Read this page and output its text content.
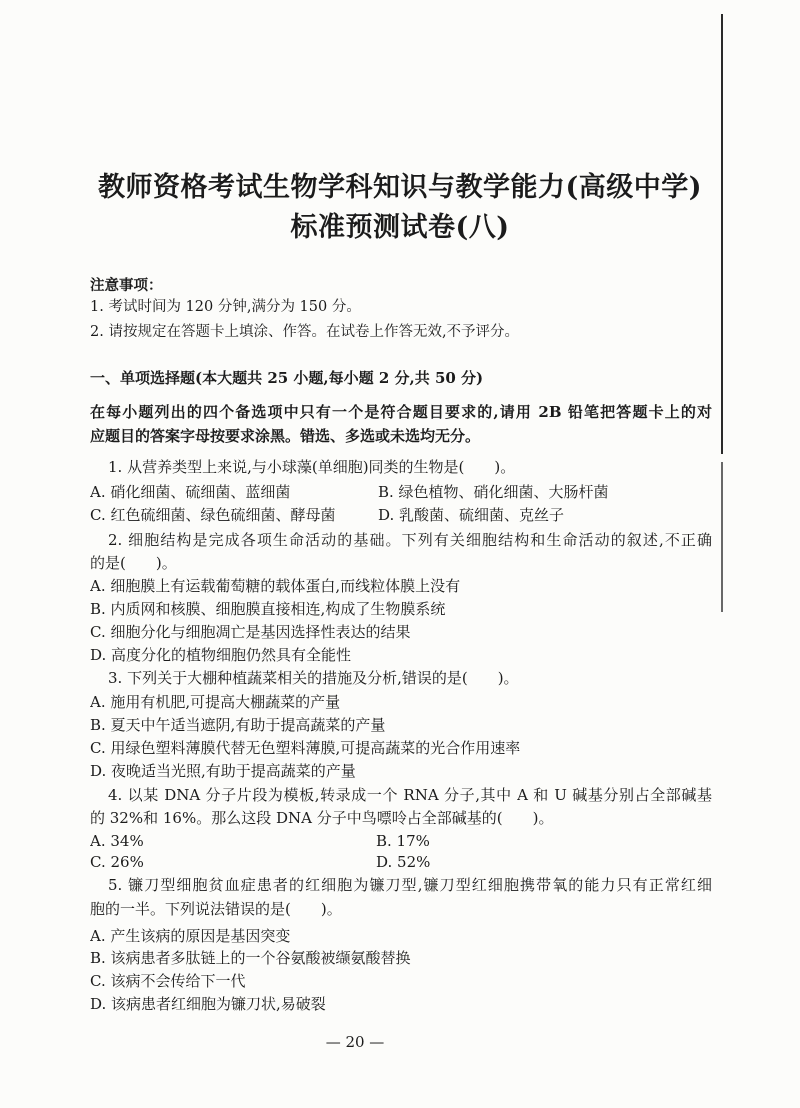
教师资格考试生物学科知识与教学能力(高级中学)
标准预测试卷(八)
注意事项：
1. 考试时间为 120 分钟,满分为 150 分。
2. 请按规定在答题卡上填涂、作答。在试卷上作答无效,不予评分。
一、单项选择题(本大题共 25 小题,每小题 2 分,共 50 分)
在每小题列出的四个备选项中只有一个是符合题目要求的,请用 2B 铅笔把答题卡上的对
应题目的答案字母按要求涂黑。错选、多选或未选均无分。
1. 从营养类型上来说,与小球藻(单细胞)同类的生物是(　　)。
A. 硝化细菌、硫细菌、蓝细菌	B. 绿色植物、硝化细菌、大肠杆菌
C. 红色硫细菌、绿色硫细菌、酵母菌	D. 乳酸菌、硫细菌、克丝子
2. 细胞结构是完成各项生命活动的基础。下列有关细胞结构和生命活动的叙述,不正确
的是(　　)。
A. 细胞膜上有运载葡萄糖的载体蛋白,而线粒体膜上没有
B. 内质网和核膜、细胞膜直接相连,构成了生物膜系统
C. 细胞分化与细胞凋亡是基因选择性表达的结果
D. 高度分化的植物细胞仍然具有全能性
3. 下列关于大棚种植蔬菜相关的措施及分析,错误的是(　　)。
A. 施用有机肥,可提高大棚蔬菜的产量
B. 夏天中午适当遮阴,有助于提高蔬菜的产量
C. 用绿色塑料薄膜代替无色塑料薄膜,可提高蔬菜的光合作用速率
D. 夜晚适当光照,有助于提高蔬菜的产量
4. 以某 DNA 分子片段为模板,转录成一个 RNA 分子,其中 A 和 U 碱基分别占全部碱基
的 32%和 16%。那么这段 DNA 分子中鸟嘌呤占全部碱基的(　　)。
A. 34%	B. 17%
C. 26%	D. 52%
5. 镰刀型细胞贫血症患者的红细胞为镰刀型,镰刀型红细胞携带氧的能力只有正常红细
胞的一半。下列说法错误的是(　　)。
A. 产生该病的原因是基因突变
B. 该病患者多肽链上的一个谷氨酸被缬氨酸替换
C. 该病不会传给下一代
D. 该病患者红细胞为镰刀状,易破裂
— 20 —
